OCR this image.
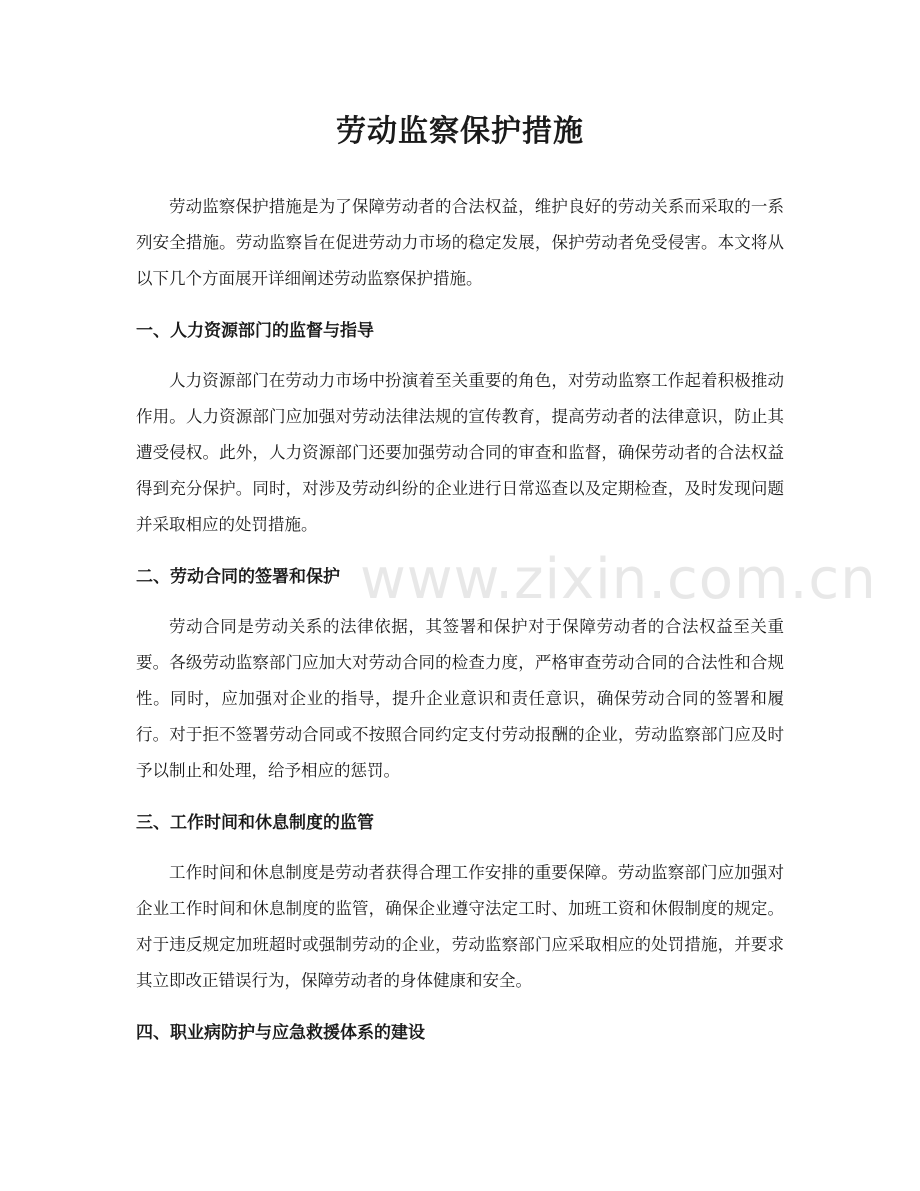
劳动监察保护措施

劳动监察保护措施是为了保障劳动者的合法权益，维护良好的劳动关系而采取的一系列安全措施。劳动监察旨在促进劳动力市场的稳定发展，保护劳动者免受侵害。本文将从以下几个方面展开详细阐述劳动监察保护措施。

一、人力资源部门的监督与指导

人力资源部门在劳动力市场中扮演着至关重要的角色，对劳动监察工作起着积极推动作用。人力资源部门应加强对劳动法律法规的宣传教育，提高劳动者的法律意识，防止其遭受侵权。此外，人力资源部门还要加强劳动合同的审查和监督，确保劳动者的合法权益得到充分保护。同时，对涉及劳动纠纷的企业进行日常巡查以及定期检查，及时发现问题并采取相应的处罚措施。

二、劳动合同的签署和保护

劳动合同是劳动关系的法律依据，其签署和保护对于保障劳动者的合法权益至关重要。各级劳动监察部门应加大对劳动合同的检查力度，严格审查劳动合同的合法性和合规性。同时，应加强对企业的指导，提升企业意识和责任意识，确保劳动合同的签署和履行。对于拒不签署劳动合同或不按照合同约定支付劳动报酬的企业，劳动监察部门应及时予以制止和处理，给予相应的惩罚。

三、工作时间和休息制度的监管

工作时间和休息制度是劳动者获得合理工作安排的重要保障。劳动监察部门应加强对企业工作时间和休息制度的监管，确保企业遵守法定工时、加班工资和休假制度的规定。对于违反规定加班超时或强制劳动的企业，劳动监察部门应采取相应的处罚措施，并要求其立即改正错误行为，保障劳动者的身体健康和安全。

四、职业病防护与应急救援体系的建设

www.zixin.com.cn
